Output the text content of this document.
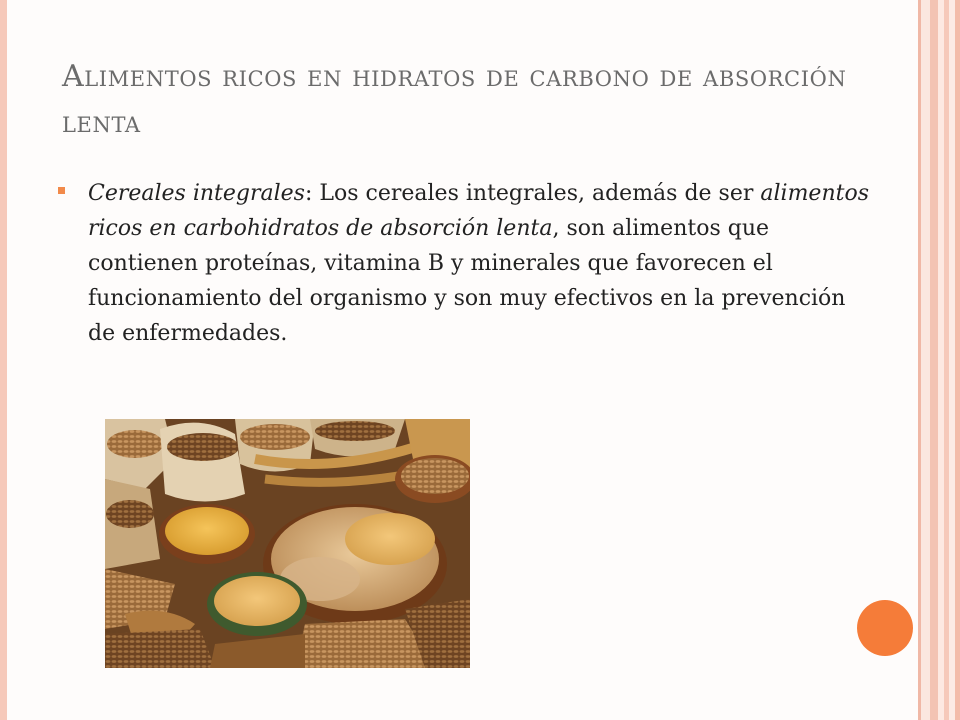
Alimentos ricos en hidratos de carbono de absorción lenta
Cereales integrales: Los cereales integrales, además de ser alimentos ricos en carbohidratos de absorción lenta, son alimentos que contienen proteínas, vitamina B y minerales que favorecen el funcionamiento del organismo y son muy efectivos en la prevención de enfermedades.
